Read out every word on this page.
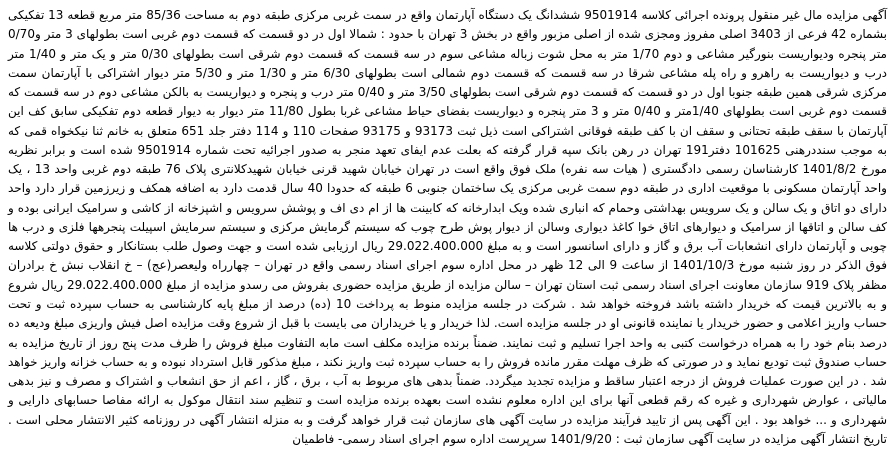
آگهی مزایده مال غیر منقول پرونده اجرائی کلاسه 9501914 ششدانگ یک دستگاه آپارتمان واقع در سمت غربی مرکزی طبقه دوم به مساحت 85/36 متر مربع قطعه 13 تفکیکی بشماره 42 فرعی از 3403 اصلی مفروز ومجزی شده از اصلی مزبور واقع در بخش 3 تهران با حدود : شمالا اول در دو قسمت که قسمت دوم غربی است بطولهای 3 متر و0/70 متر پنجره ودیواریست بنورگیر مشاعی و دوم 1/70 متر به محل شوت زباله مشاعی سوم در سه قسمت که قسمت دوم شرقی است بطولهای 0/30 متر و یک متر و 1/40 متر درب و دیواریست به راهرو و راه پله مشاعی شرقا در سه قسمت که قسمت دوم شمالی است بطولهای 6/30 متر و 1/30 متر و 5/30 متر دیوار اشتراکی با آپارتمان سمت مرکزی شرقی همین طبقه جنوبا اول در دو قسمت که قسمت دوم شرقی است بطولهای 3/50 متر و 0/40 متر درب و پنجره و دیواریست به بالکن مشاعی دوم در سه قسمت که قسمت دوم غربی است بطولهای 1/40متر و 0/40 متر و 3 متر پنجره و دیواریست بفضای حیاط مشاعی غربا بطول 11/80 متر دیوار به دیوار قطعه دوم تفکیکی سابق کف این آپارتمان با سقف طبقه تحتانی و سقف ان با کف طبقه فوقانی اشتراکی است ذیل ثبت 93173 و 93175 صفحات 110 و 114 دفتر جلد 651 متعلق به خانم ثنا نیکخواه قمی که به موجب سنددرهنی 101625 دفتر191 تهران در رهن بانک سپه قرار گرفته که بعلت عدم ایفای تعهد منجر به صدور اجرائیه تحت شماره 9501914 شده است و برابر نظریه مورخ 1401/8/2 کارشناسان رسمی دادگستری ( هیات سه نفره) ملک فوق واقع است در تهران خیابان شهید قرنی خیابان شهیدکلانتری پلاک 76 طبقه دوم غربی واحد 13 ، یک واحد آپارتمان مسکونی با موقعیت اداری در طبقه دوم سمت غربی مرکزی یک ساختمان جنوبی 6 طبقه که حدودا 40 سال قدمت دارد به اضافه همکف و زیرزمین قرار دارد واحد دارای دو اتاق و یک سالن و یک سرویس بهداشتی وحمام که انباری شده ویک ابدارخانه که کابینت ها از ام دی اف و پوشش سرویس و اشپزخانه از کاشی و سرامیک ایرانی بوده و کف سالن و اتاقها از سرامیک و دیوارهای اتاق خوا کاغذ دیواری وسالن از دیوار پوش طرح چوب که سیستم گرمایش مرکزی و سیستم سرمایش اسپیلت پنجرهها فلزی و درب ها چوبی و آپارتمان دارای انشعابات آب برق و گاز و دارای اسانسور است و به مبلغ 29.022.400.000 ریال ارزیابی شده است و جهت وصول طلب بستانکار و حقوق دولتی کلاسه فوق الذکر در روز شنبه مورخ 1401/10/3 از ساعت 9 الی 12 ظهر در محل اداره سوم اجرای اسناد رسمی واقع در تهران – چهارراه ولیعصر(عج) – خ انقلاب نبش خ برادران مظفر پلاک 919 سازمان معاونت اجرای اسناد رسمی ثبت استان تهران – سالن مزایده از طریق مزایده حضوری بفروش می رسدو مزایده از مبلغ 29.022.400.000 ریال شروع و به بالاترین قیمت که خریدار داشته باشد فروخته خواهد شد . شرکت در جلسه مزایده منوط به پرداخت 10 (ده) درصد از مبلغ پایه کارشناسی به حساب سپرده ثبت و تحت حساب واریز اعلامی و حضور خریدار یا نماینده قانونی او در جلسه مزایده است. لذا خریدار و یا خریداران می بایست با قبل از شروع وقت مزایده اصل فیش واریزی مبلغ ودیعه ده درصد بنام خود را به همراه درخواست کتبی به واحد اجرا تسلیم و ثبت نمایند. ضمناً برنده مزایده مکلف است مابه التفاوت مبلغ فروش را ظرف مدت پنج روز از تاریخ مزایده به حساب صندوق ثبت تودیع نماید و در صورتی که ظرف مهلت مقرر مانده فروش را به حساب سپرده ثبت واریز نکند ، مبلغ مذکور قابل استرداد نبوده و به حساب خزانه واریز خواهد شد . در این صورت عملیات فروش از درجه اعتبار ساقط و مزایده تجدید میگردد. ضمناً بدهی های مربوط به آب ، برق ، گاز ، اعم از حق انشعاب و اشتراک و مصرف و نیز بدهی مالیاتی ، عوارض شهرداری و غیره که رقم قطعی آنها برای این اداره معلوم نشده است بعهده برنده مزایده است و تنظیم سند انتقال موکول به ارائه مفاصا حسابهای دارایی و شهرداری و ... خواهد بود . این آگهی پس از تایید فرآیند مزایده در سایت آگهی های سازمان ثبت قرار خواهد گرفت و به منزله انتشار آگهی در روزنامه کثیر الانتشار محلی است . تاریخ انتشار آگهی مزایده در سایت آگهی سازمان ثبت : 1401/9/20 سرپرست اداره سوم اجرای اسناد رسمی- فاطمیان
